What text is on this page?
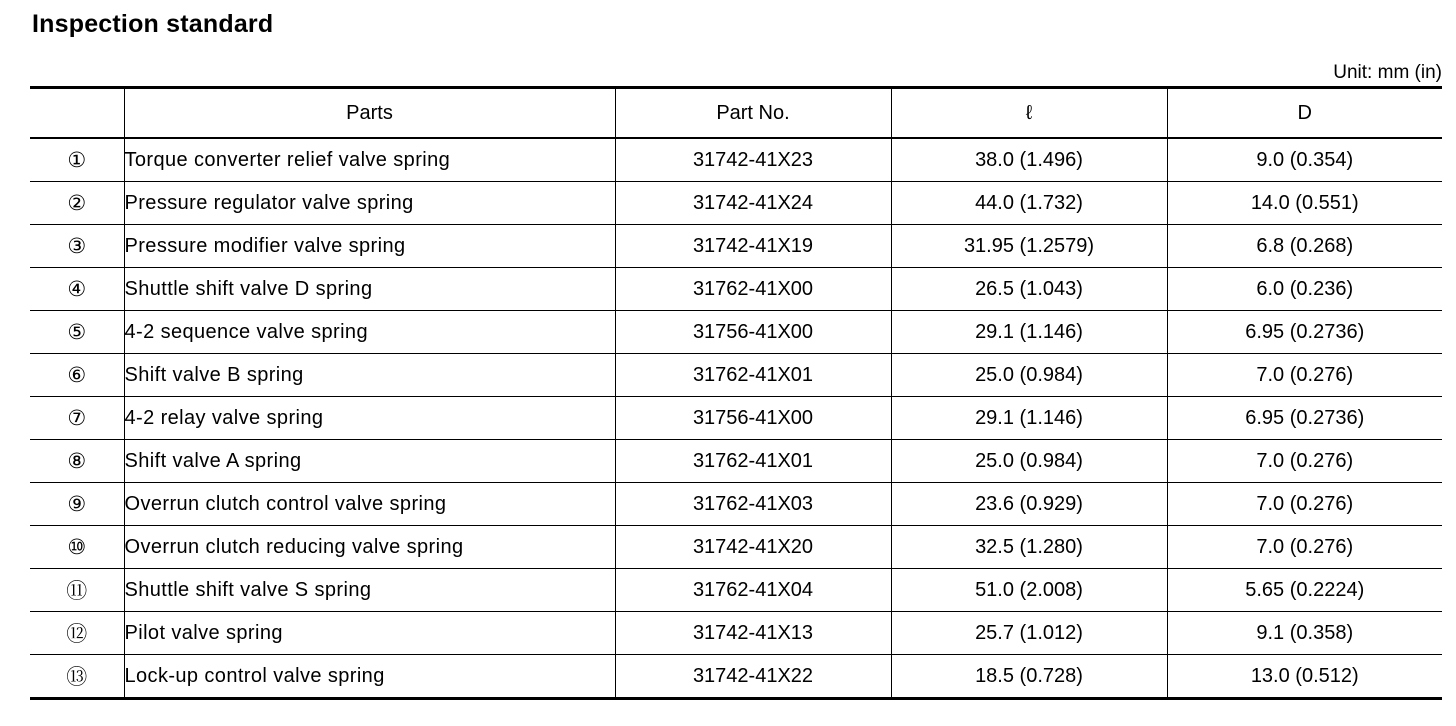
Inspection standard
Unit: mm (in)
	Parts	Part No.	ℓ	D
①	Torque converter relief valve spring	31742-41X23	38.0 (1.496)	9.0 (0.354)
②	Pressure regulator valve spring	31742-41X24	44.0 (1.732)	14.0 (0.551)
③	Pressure modifier valve spring	31742-41X19	31.95 (1.2579)	6.8 (0.268)
④	Shuttle shift valve D spring	31762-41X00	26.5 (1.043)	6.0 (0.236)
⑤	4-2 sequence valve spring	31756-41X00	29.1 (1.146)	6.95 (0.2736)
⑥	Shift valve B spring	31762-41X01	25.0 (0.984)	7.0 (0.276)
⑦	4-2 relay valve spring	31756-41X00	29.1 (1.146)	6.95 (0.2736)
⑧	Shift valve A spring	31762-41X01	25.0 (0.984)	7.0 (0.276)
⑨	Overrun clutch control valve spring	31762-41X03	23.6 (0.929)	7.0 (0.276)
⑩	Overrun clutch reducing valve spring	31742-41X20	32.5 (1.280)	7.0 (0.276)
⑪	Shuttle shift valve S spring	31762-41X04	51.0 (2.008)	5.65 (0.2224)
⑫	Pilot valve spring	31742-41X13	25.7 (1.012)	9.1 (0.358)
⑬	Lock-up control valve spring	31742-41X22	18.5 (0.728)	13.0 (0.512)
